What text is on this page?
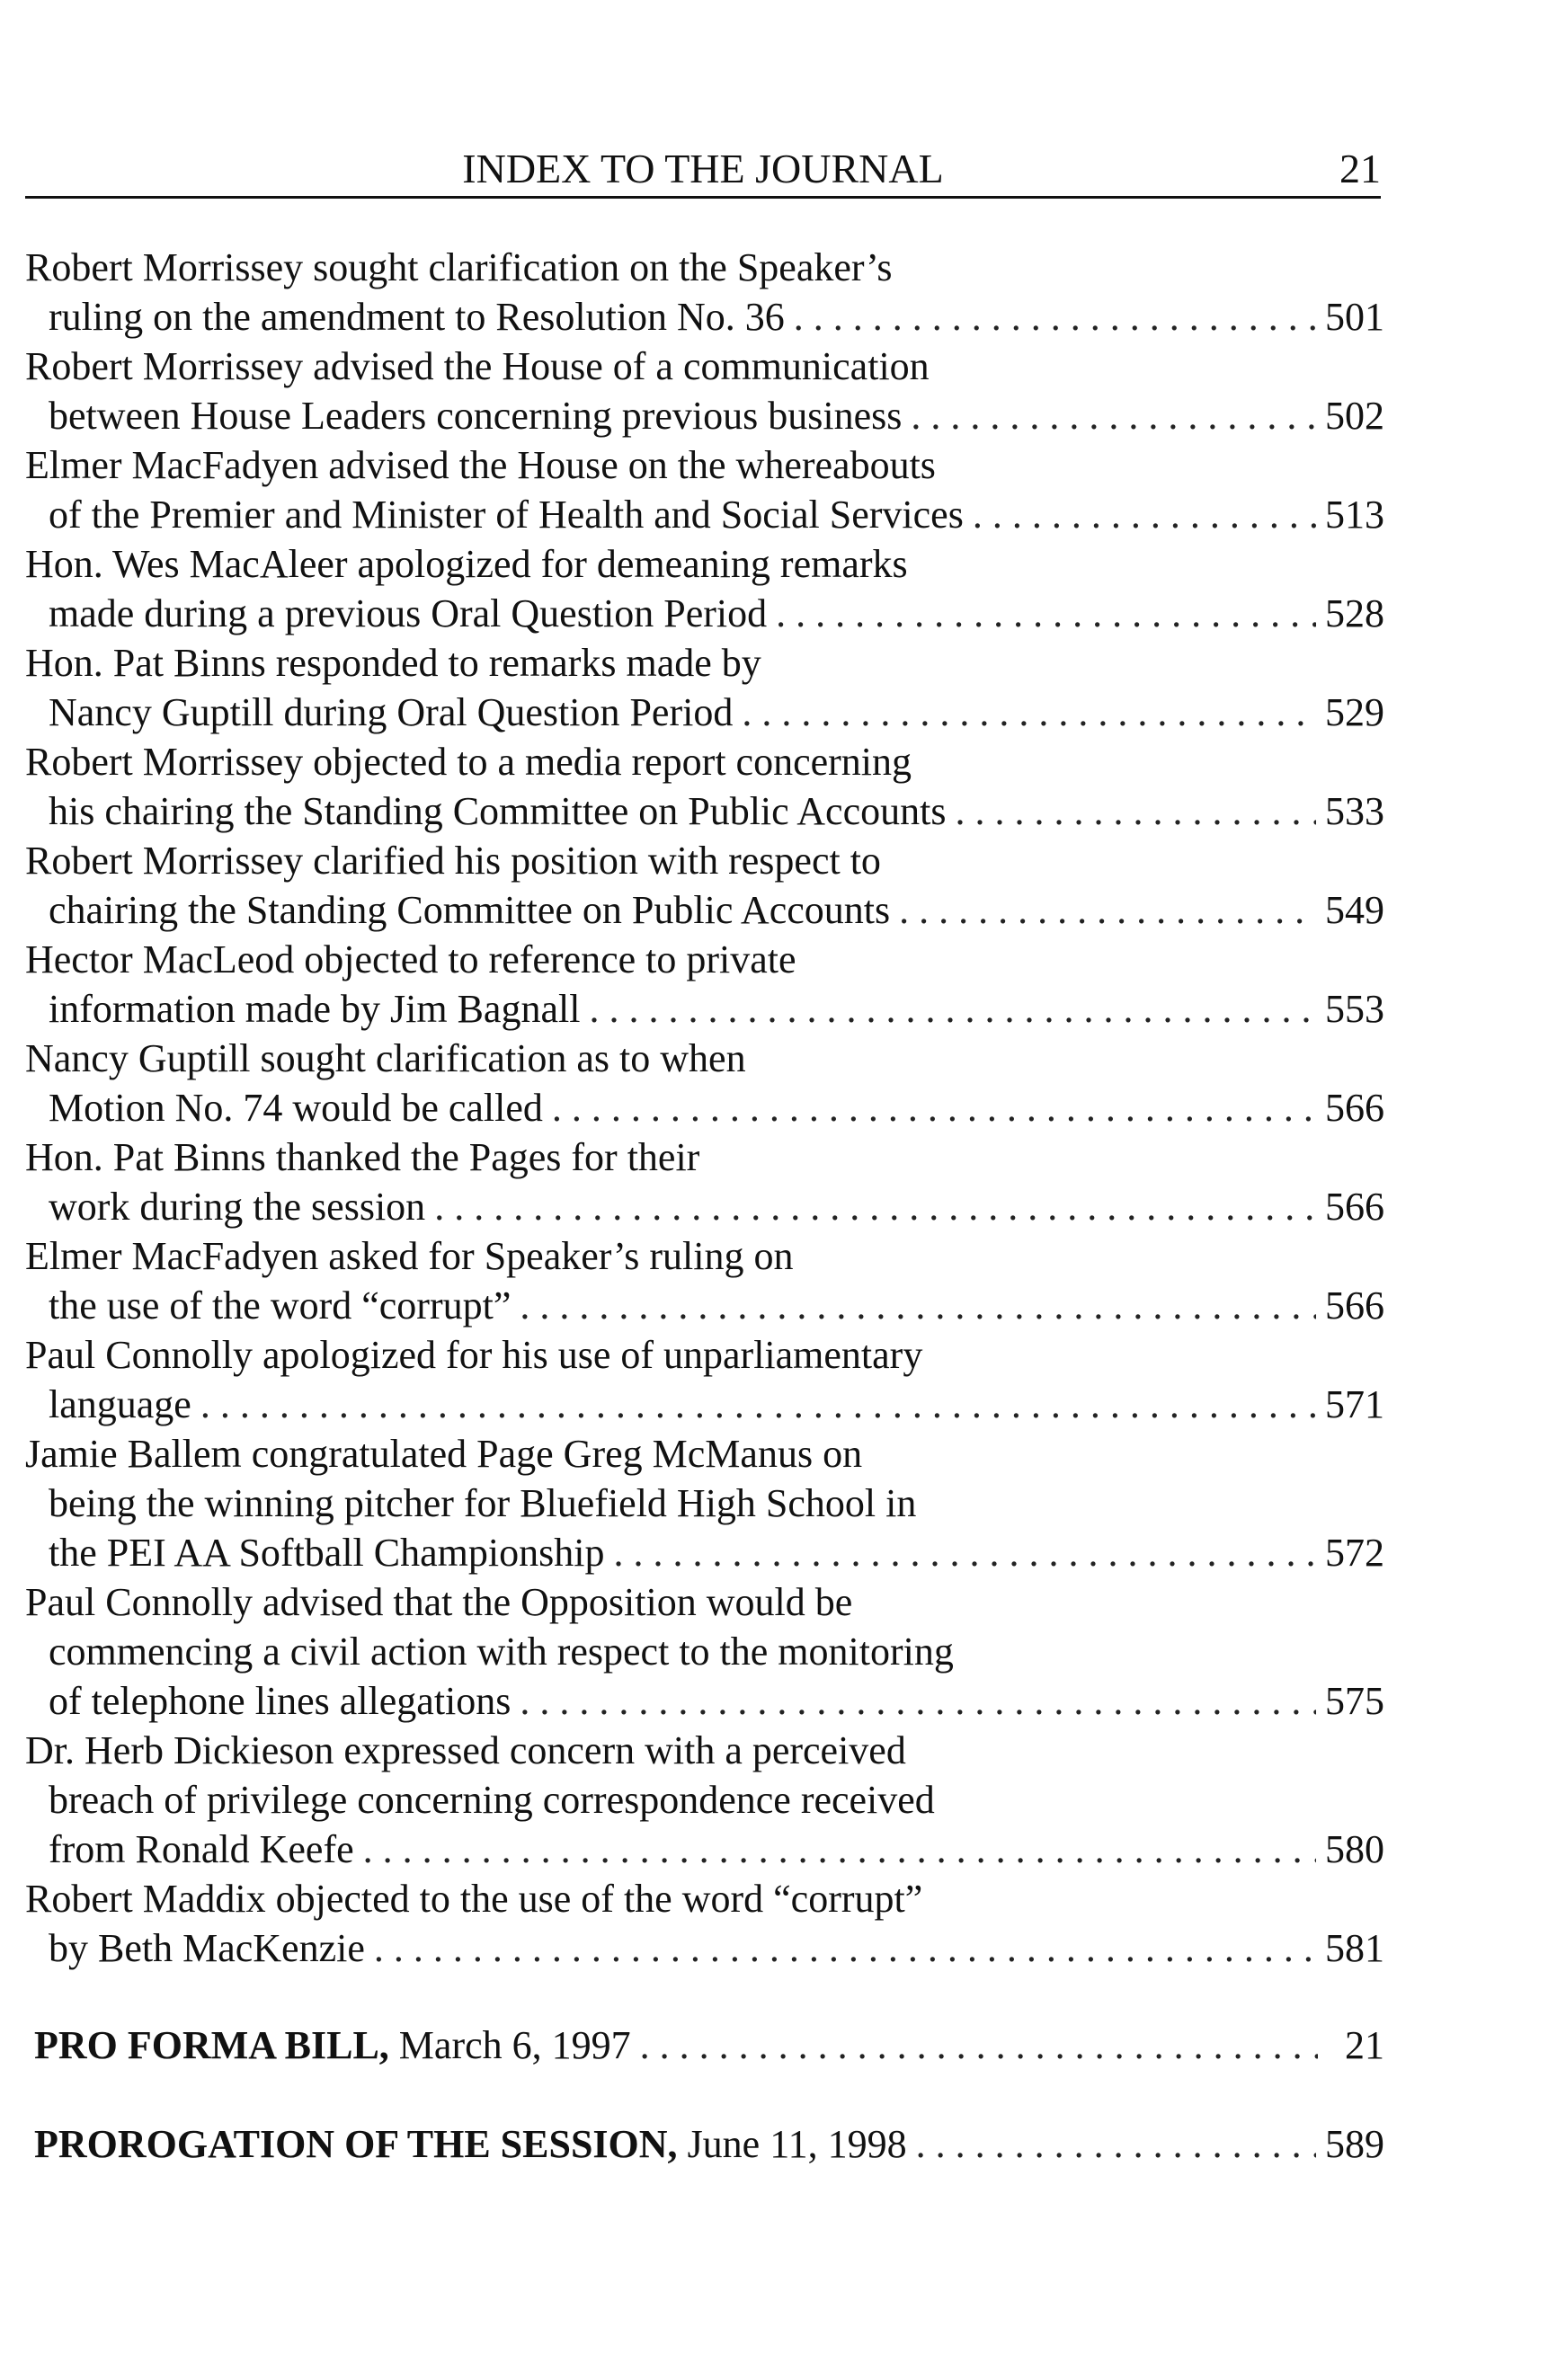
INDEX TO THE JOURNAL	21
Robert Morrissey sought clarification on the Speaker’s
ruling on the amendment to Resolution No. 36 . . .	501
Robert Morrissey advised the House of a communication
between House Leaders concerning previous business . . .	502
Elmer MacFadyen advised the House on the whereabouts
of the Premier and Minister of Health and Social Services . . .	513
Hon. Wes MacAleer apologized for demeaning remarks
made during a previous Oral Question Period . . .	528
Hon. Pat Binns responded to remarks made by
Nancy Guptill during Oral Question Period . . .	529
Robert Morrissey objected to a media report concerning
his chairing the Standing Committee on Public Accounts . . .	533
Robert Morrissey clarified his position with respect to
chairing the Standing Committee on Public Accounts . . .	549
Hector MacLeod objected to reference to private
information made by Jim Bagnall . . .	553
Nancy Guptill sought clarification as to when
Motion No. 74 would be called . . .	566
Hon. Pat Binns thanked the Pages for their
work during the session . . .	566
Elmer MacFadyen asked for Speaker’s ruling on
the use of the word “corrupt” . . .	566
Paul Connolly apologized for his use of unparliamentary
language . . .	571
Jamie Ballem congratulated Page Greg McManus on
being the winning pitcher for Bluefield High School in
the PEI AA Softball Championship . . .	572
Paul Connolly advised that the Opposition would be
commencing a civil action with respect to the monitoring
of telephone lines allegations . . .	575
Dr. Herb Dickieson expressed concern with a perceived
breach of privilege concerning correspondence received
from Ronald Keefe . . .	580
Robert Maddix objected to the use of the word “corrupt”
by Beth MacKenzie . . .	581
PRO FORMA BILL,
March 6, 1997 . . .	21
PROROGATION OF THE SESSION,
June 11, 1998 . . .	589
